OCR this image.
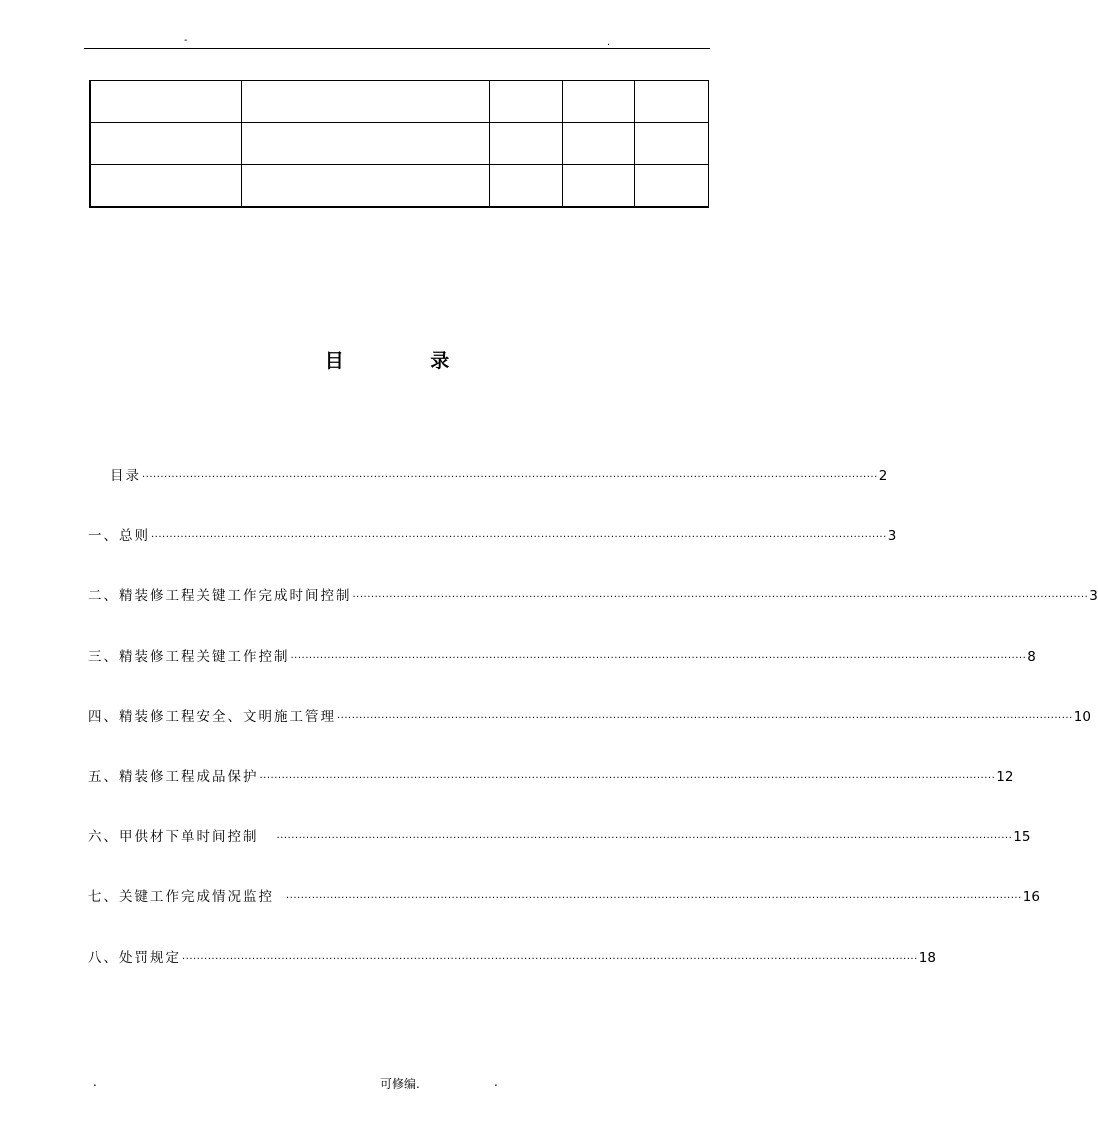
-	.

目 录
目录 ········································································································································································································ 2
一、总则 ········································································································································································································ 3
二、精装修工程关键工作完成时间控制 ········································································································································································································ 3
三、精装修工程关键工作控制 ········································································································································································································ 8
四、精装修工程安全、文明施工管理 ········································································································································································································ 10
五、精装修工程成品保护 ········································································································································································································ 12
六、甲供材下单时间控制 ········································································································································································································ 15
七、关键工作完成情况监控 ········································································································································································································ 16
八、处罚规定 ········································································································································································································ 18
.	可修编.	.
